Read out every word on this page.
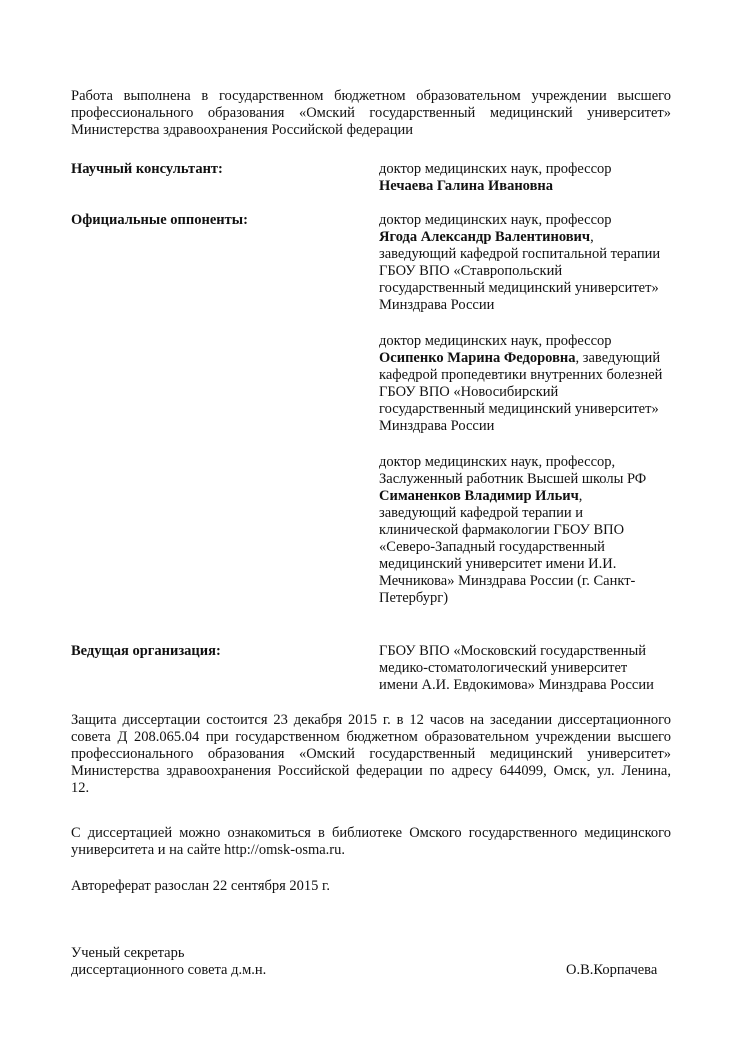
Работа выполнена в государственном бюджетном образовательном учреждении высшего
профессионального образования «Омский государственный медицинский университет»
Министерства здравоохранения Российской федерации
Научный консультант:	доктор медицинских наук, профессор
Нечаева Галина Ивановна
Официальные оппоненты:	доктор медицинских наук, профессор
Ягода Александр Валентинович,
заведующий кафедрой госпитальной терапии
ГБОУ ВПО «Ставропольский
государственный медицинский университет»
Минздрава России
доктор медицинских наук, профессор
Осипенко Марина Федоровна, заведующий
кафедрой пропедевтики внутренних болезней
ГБОУ ВПО «Новосибирский
государственный медицинский университет»
Минздрава России
доктор медицинских наук, профессор,
Заслуженный работник Высшей школы РФ
Симаненков Владимир Ильич,
заведующий кафедрой терапии и
клинической фармакологии ГБОУ ВПО
«Северо-Западный государственный
медицинский университет имени И.И.
Мечникова» Минздрава России (г. Санкт-
Петербург)
Ведущая организация:	ГБОУ ВПО «Московский государственный
медико-стоматологический университет
имени А.И. Евдокимова» Минздрава России
Защита диссертации состоится 23 декабря 2015 г. в 12 часов на заседании диссертационного
совета Д 208.065.04 при государственном бюджетном образовательном учреждении высшего
профессионального образования «Омский государственный медицинский университет»
Министерства здравоохранения Российской федерации по адресу 644099, Омск, ул. Ленина,
12.
С диссертацией можно ознакомиться в библиотеке Омского государственного медицинского
университета и на сайте http://omsk-osma.ru.
Автореферат разослан 22 сентября 2015 г.
Ученый секретарь
диссертационного совета д.м.н.	О.В.Корпачева
